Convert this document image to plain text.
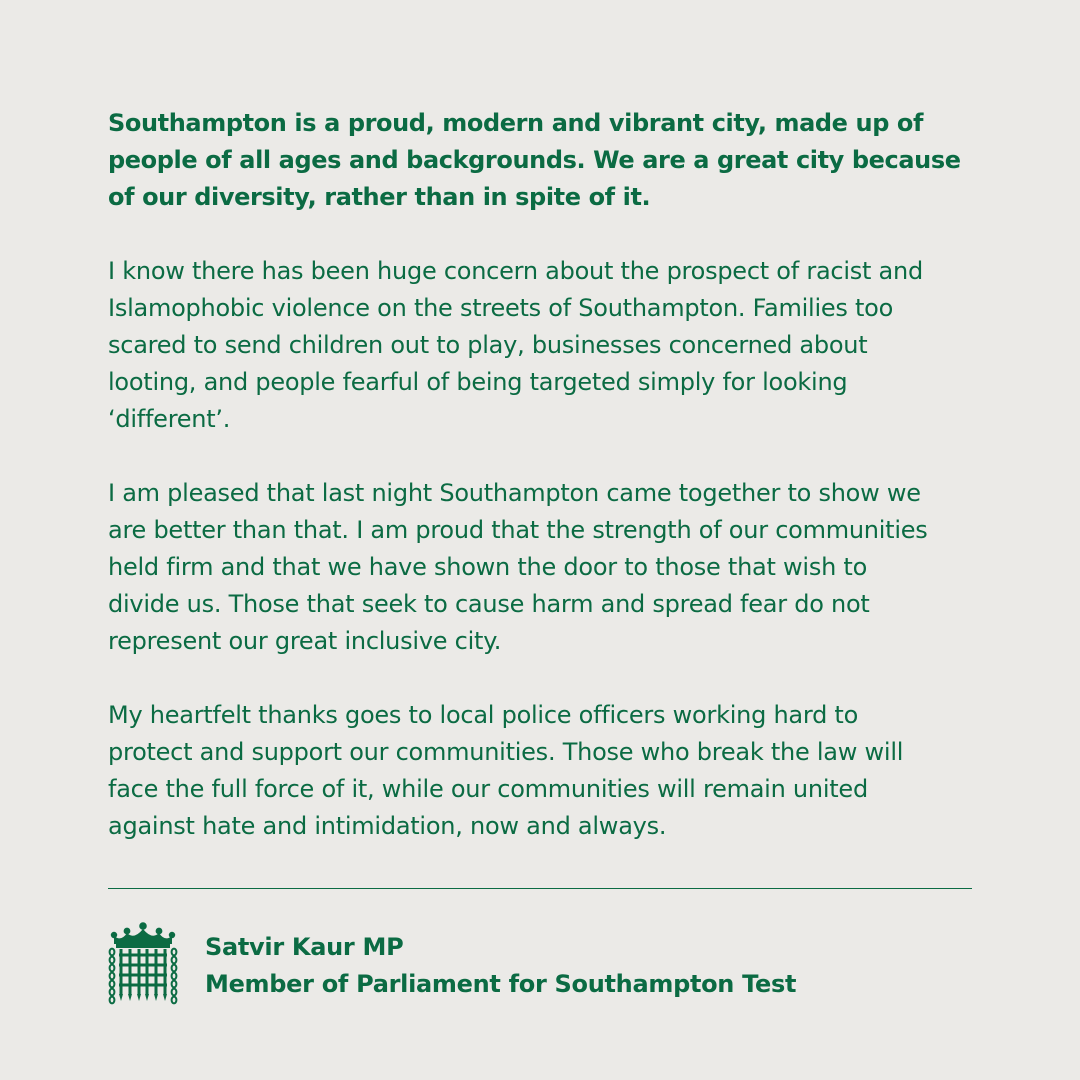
Southampton is a proud, modern and vibrant city, made up of
people of all ages and backgrounds. We are a great city because
of our diversity, rather than in spite of it.

I know there has been huge concern about the prospect of racist and
Islamophobic violence on the streets of Southampton. Families too
scared to send children out to play, businesses concerned about
looting, and people fearful of being targeted simply for looking
‘different’.

I am pleased that last night Southampton came together to show we
are better than that. I am proud that the strength of our communities
held firm and that we have shown the door to those that wish to
divide us. Those that seek to cause harm and spread fear do not
represent our great inclusive city.

My heartfelt thanks goes to local police officers working hard to
protect and support our communities. Those who break the law will
face the full force of it, while our communities will remain united
against hate and intimidation, now and always.

Satvir Kaur MP
Member of Parliament for Southampton Test
